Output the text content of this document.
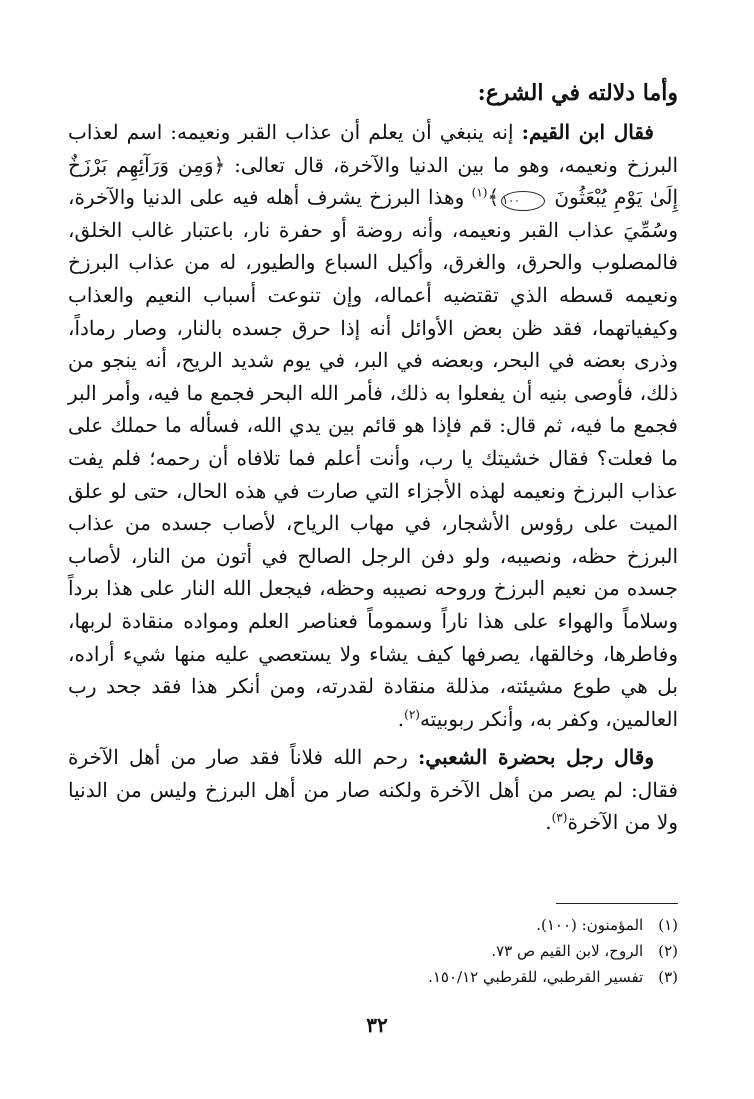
وأما دلالته في الشرع:

فقال ابن القيم: إنه ينبغي أن يعلم أن عذاب القبر ونعيمه: اسم لعذاب البرزخ ونعيمه، وهو ما بين الدنيا والآخرة، قال تعالى: ﴿وَمِن وَرَآئِهِم بَرْزَخٌ إِلَىٰ يَوْمِ يُبْعَثُونَ ١٠٠﴾$^{(١)}$ وهذا البرزخ يشرف أهله فيه على الدنيا والآخرة، وسُمِّيَ عذاب القبر ونعيمه، وأنه روضة أو حفرة نار، باعتبار غالب الخلق، فالمصلوب والحرق، والغرق، وأكيل السباع والطيور، له من عذاب البرزخ ونعيمه قسطه الذي تقتضيه أعماله، وإن تنوعت أسباب النعيم والعذاب وكيفياتهما، فقد ظن بعض الأوائل أنه إذا حرق جسده بالنار، وصار رماداً، وذرى بعضه في البحر، وبعضه في البر، في يوم شديد الريح، أنه ينجو من ذلك، فأوصى بنيه أن يفعلوا به ذلك، فأمر الله البحر فجمع ما فيه، وأمر البر فجمع ما فيه، ثم قال: قم فإذا هو قائم بين يدي الله، فسأله ما حملك على ما فعلت؟ فقال خشيتك يا رب، وأنت أعلم فما تلافاه أن رحمه؛ فلم يفت عذاب البرزخ ونعيمه لهذه الأجزاء التي صارت في هذه الحال، حتى لو علق الميت على رؤوس الأشجار، في مهاب الرياح، لأصاب جسده من عذاب البرزخ حظه، ونصيبه، ولو دفن الرجل الصالح في أتون من النار، لأصاب جسده من نعيم البرزخ وروحه نصيبه وحظه، فيجعل الله النار على هذا برداً وسلاماً والهواء على هذا ناراً وسموماً فعناصر العلم ومواده منقادة لربها، وفاطرها، وخالقها، يصرفها كيف يشاء ولا يستعصي عليه منها شيء أراده، بل هي طوع مشيئته، مذللة منقادة لقدرته، ومن أنكر هذا فقد جحد رب العالمين، وكفر به، وأنكر ربوبيته$^{(٢)}$.

وقال رجل بحضرة الشعبي: رحم الله فلاناً فقد صار من أهل الآخرة فقال: لم يصر من أهل الآخرة ولكنه صار من أهل البرزخ وليس من الدنيا ولا من الآخرة$^{(٣)}$.

(١) المؤمنون: (١٠٠).
(٢) الروح، لابن القيم ص ٧٣.
(٣) تفسير القرطبي، للقرطبي ١٥٠/١٢.
٣٢
